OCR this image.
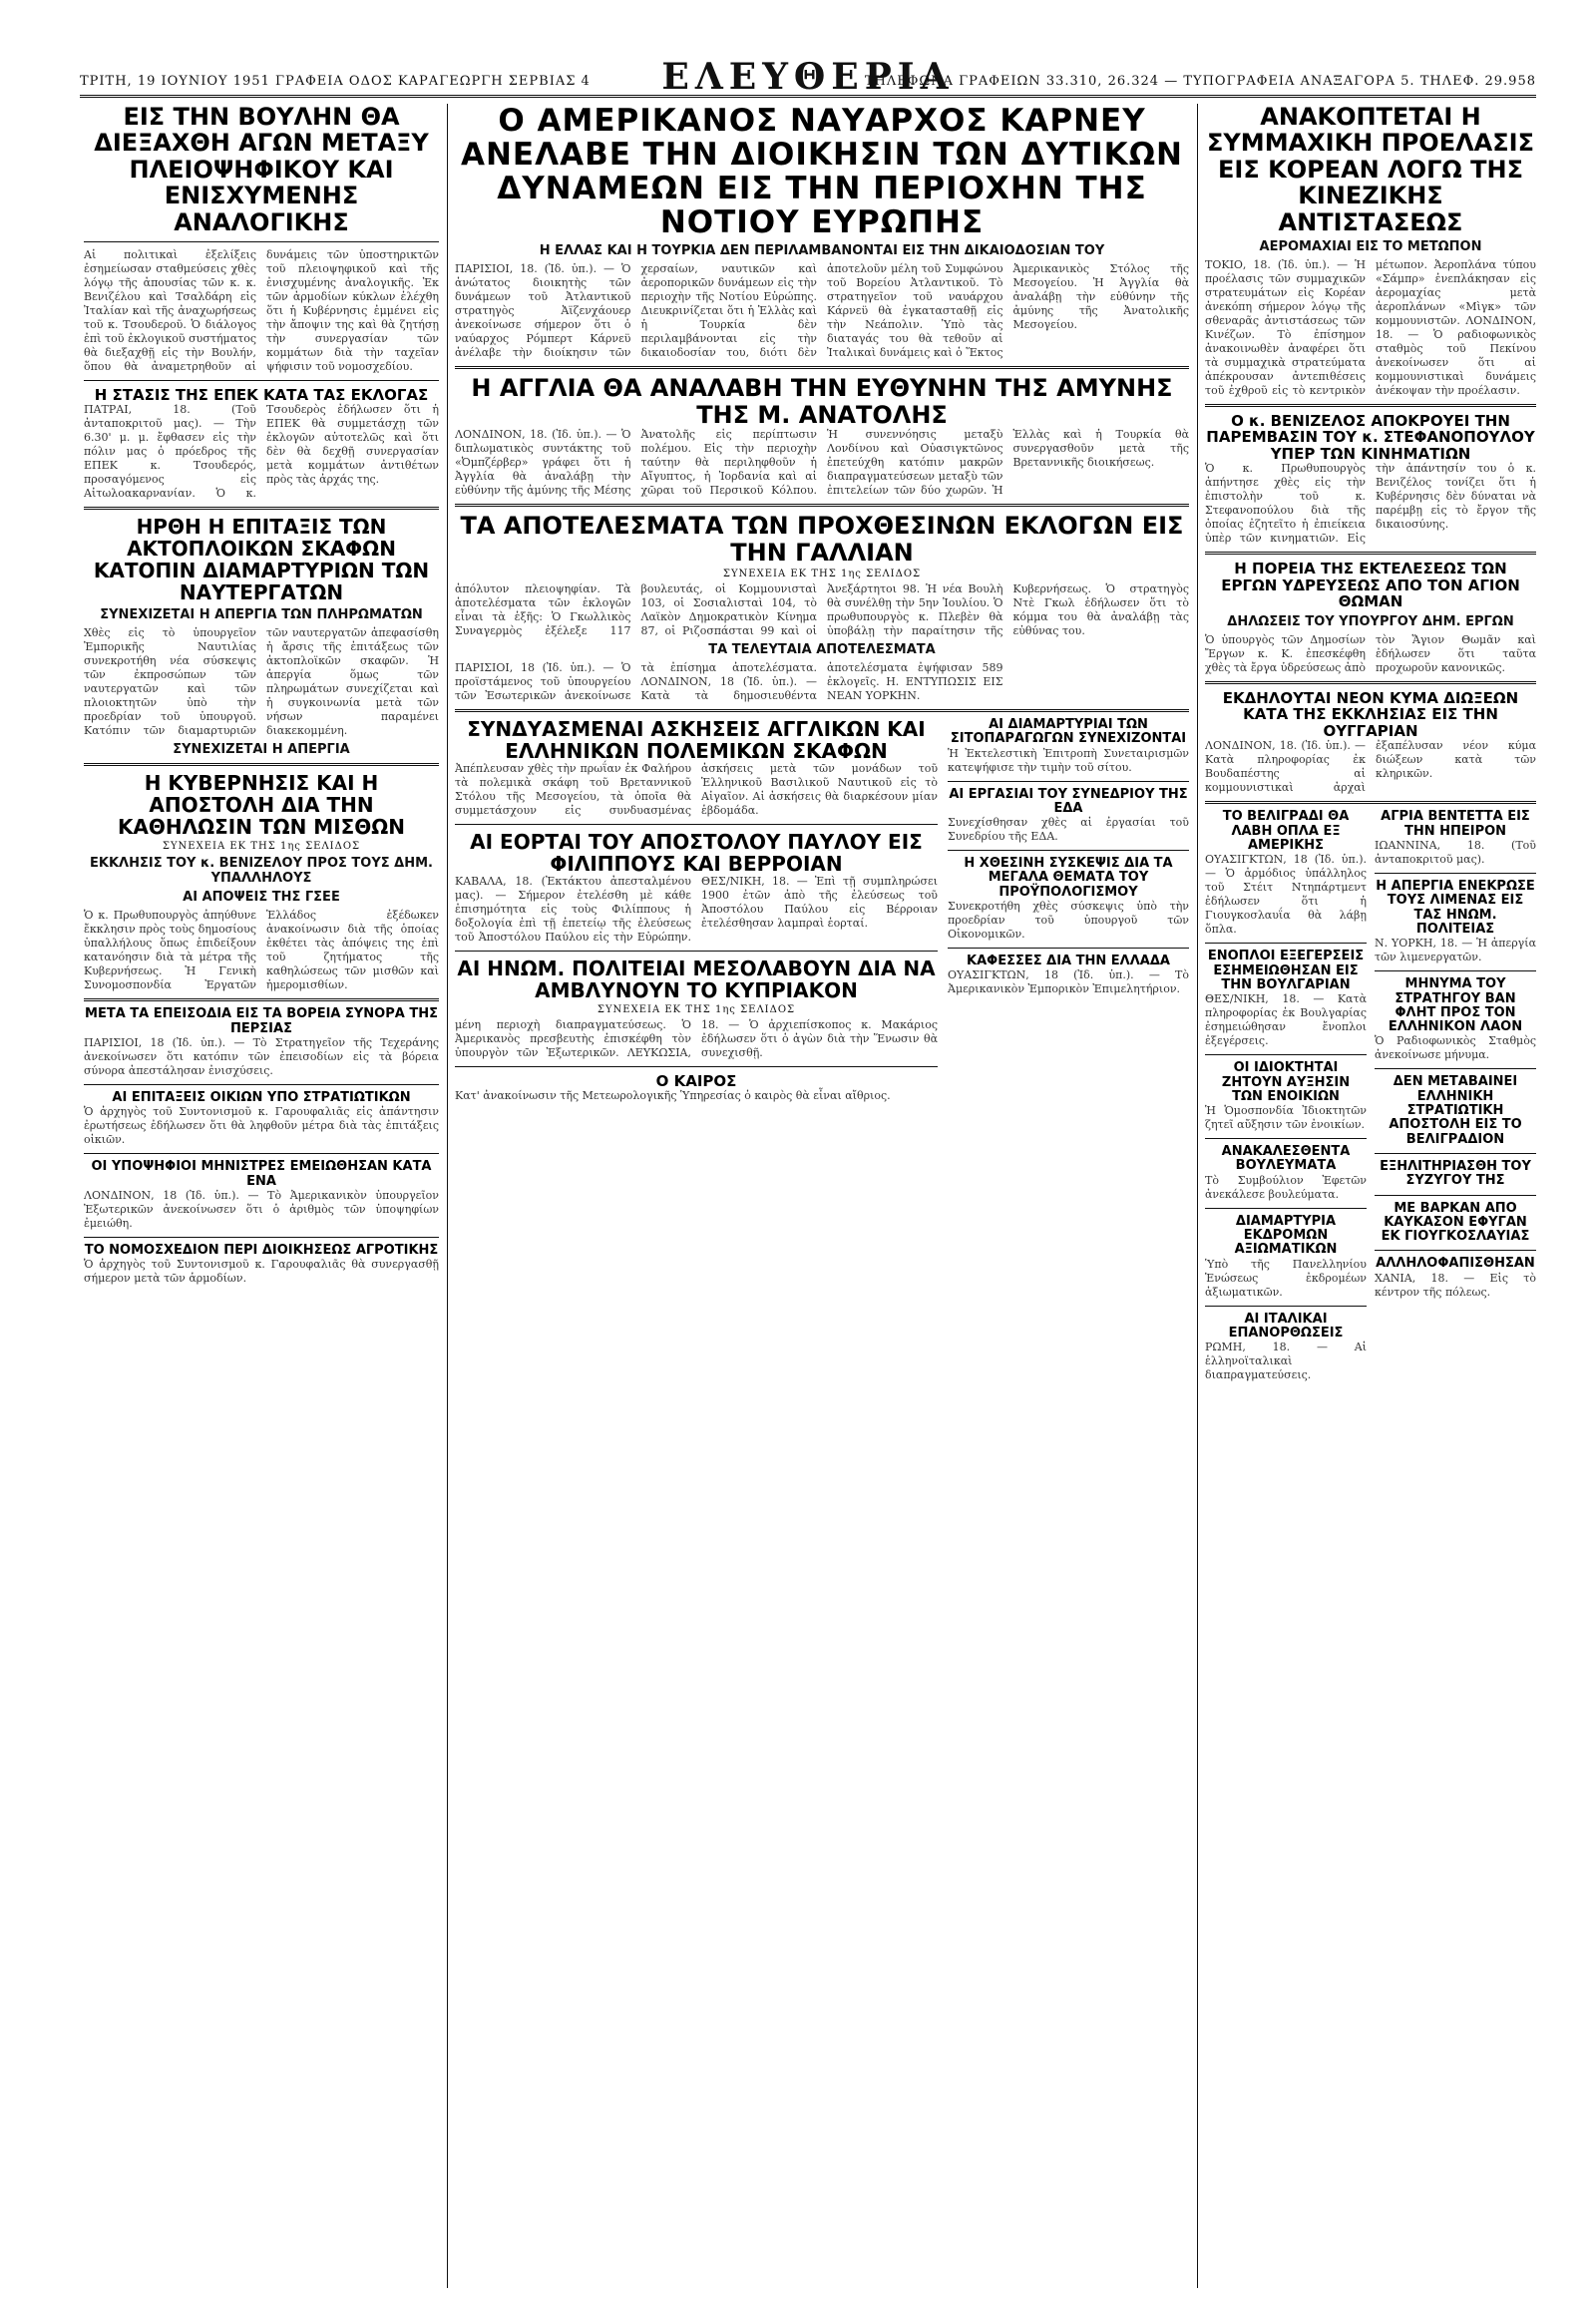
ΤΡΙΤΗ, 19 ΙΟΥΝΙΟΥ 1951 ΓΡΑΦΕΙΑ ΟΔΟΣ ΚΑΡΑΓΕΩΡΓΗ ΣΕΡΒΙΑΣ 4	ΕΛΕΥΘΕΡΙΑ
ΤΗΛΕΦΩΝΑ ΓΡΑΦΕΙΩΝ 33.310, 26.324 — ΤΥΠΟΓΡΑΦΕΙΑ ΑΝΑΞΑΓΟΡΑ 5. ΤΗΛΕΦ. 29.958
ΕΙΣ ΤΗΝ ΒΟΥΛΗΝ ΘΑ ΔΙΕΞΑΧΘΗ ΑΓΩΝ ΜΕΤΑΞΥ ΠΛΕΙΟΨΗΦΙΚΟΥ ΚΑΙ ΕΝΙΣΧΥΜΕΝΗΣ ΑΝΑΛΟΓΙΚΗΣ
Αἱ πολιτικαὶ ἐξελίξεις ἐσημείωσαν σταθμεύσεις χθὲς λόγῳ τῆς ἀπουσίας τῶν κ. κ. Βενιζέλου καὶ Τσαλδάρη εἰς Ἰταλίαν καὶ τῆς ἀναχωρήσεως τοῦ κ. Τσουδεροῦ. Ὁ διάλογος ἐπὶ τοῦ ἐκλογικοῦ συστήματος θὰ διεξαχθῇ εἰς τὴν Βουλήν, ὅπου θὰ ἀναμετρηθοῦν αἱ δυνάμεις τῶν ὑποστηρικτῶν τοῦ πλειοψηφικοῦ καὶ τῆς ἐνισχυμένης ἀναλογικῆς. Ἐκ τῶν ἀρμοδίων κύκλων ἐλέχθη ὅτι ἡ Κυβέρνησις ἐμμένει εἰς τὴν ἄποψιν της καὶ θὰ ζητήσῃ τὴν συνεργασίαν τῶν κομμάτων διὰ τὴν ταχεῖαν ψήφισιν τοῦ νομοσχεδίου.
Η ΣΤΑΣΙΣ ΤΗΣ ΕΠΕΚ ΚΑΤΑ ΤΑΣ ΕΚΛΟΓΑΣ
ΠΑΤΡΑΙ, 18. (Τοῦ ἀνταποκριτοῦ μας). — Τὴν 6.30' μ. μ. ἔφθασεν εἰς τὴν πόλιν μας ὁ πρόεδρος τῆς ΕΠΕΚ κ. Τσουδερός, προσαγόμενος εἰς Αἰτωλοακαρνανίαν. Ὁ κ. Τσουδερὸς ἐδήλωσεν ὅτι ἡ ΕΠΕΚ θὰ συμμετάσχῃ τῶν ἐκλογῶν αὐτοτελῶς καὶ ὅτι δὲν θὰ δεχθῇ συνεργασίαν μετὰ κομμάτων ἀντιθέτων πρὸς τὰς ἀρχάς της.
ΗΡΘΗ Η ΕΠΙΤΑΞΙΣ ΤΩΝ ΑΚΤΟΠΛΟΙΚΩΝ ΣΚΑΦΩΝ ΚΑΤΟΠΙΝ ΔΙΑΜΑΡΤΥΡΙΩΝ ΤΩΝ ΝΑΥΤΕΡΓΑΤΩΝ
ΣΥΝΕΧΙΖΕΤΑΙ Η ΑΠΕΡΓΙΑ ΤΩΝ ΠΛΗΡΩΜΑΤΩΝ
Χθὲς εἰς τὸ ὑπουργεῖον Ἐμπορικῆς Ναυτιλίας συνεκροτήθη νέα σύσκεψις τῶν ἐκπροσώπων τῶν ναυτεργατῶν καὶ τῶν πλοιοκτητῶν ὑπὸ τὴν προεδρίαν τοῦ ὑπουργοῦ. Κατόπιν τῶν διαμαρτυριῶν τῶν ναυτεργατῶν ἀπεφασίσθη ἡ ἄρσις τῆς ἐπιτάξεως τῶν ἀκτοπλοϊκῶν σκαφῶν. Ἡ ἀπεργία ὅμως τῶν πληρωμάτων συνεχίζεται καὶ ἡ συγκοινωνία μετὰ τῶν νήσων παραμένει διακεκομμένη.
ΣΥΝΕΧΙΖΕΤΑΙ Η ΑΠΕΡΓΙΑ
Η ΚΥΒΕΡΝΗΣΙΣ ΚΑΙ Η ΑΠΟΣΤΟΛΗ ΔΙΑ ΤΗΝ ΚΑΘΗΛΩΣΙΝ ΤΩΝ ΜΙΣΘΩΝ
ΣΥΝΕΧΕΙΑ ΕΚ ΤΗΣ 1ης ΣΕΛΙΔΟΣ
ΕΚΚΛΗΣΙΣ ΤΟΥ κ. ΒΕΝΙΖΕΛΟΥ ΠΡΟΣ ΤΟΥΣ ΔΗΜ. ΥΠΑΛΛΗΛΟΥΣ
ΑΙ ΑΠΟΨΕΙΣ ΤΗΣ ΓΣΕΕ
Ὁ κ. Πρωθυπουργὸς ἀπηύθυνε ἔκκλησιν πρὸς τοὺς δημοσίους ὑπαλλήλους ὅπως ἐπιδείξουν κατανόησιν διὰ τὰ μέτρα τῆς Κυβερνήσεως. Ἡ Γενικὴ Συνομοσπονδία Ἐργατῶν Ἑλλάδος ἐξέδωκεν ἀνακοίνωσιν διὰ τῆς ὁποίας ἐκθέτει τὰς ἀπόψεις της ἐπὶ τοῦ ζητήματος τῆς καθηλώσεως τῶν μισθῶν καὶ ἡμερομισθίων.
ΜΕΤΑ ΤΑ ΕΠΕΙΣΟΔΙΑ ΕΙΣ ΤΑ ΒΟΡΕΙΑ ΣΥΝΟΡΑ ΤΗΣ ΠΕΡΣΙΑΣ
ΠΑΡΙΣΙΟΙ, 18 (Ἰδ. ὑπ.). — Τὸ Στρατηγεῖον τῆς Τεχεράνης ἀνεκοίνωσεν ὅτι κατόπιν τῶν ἐπεισοδίων εἰς τὰ βόρεια σύνορα ἀπεστάλησαν ἐνισχύσεις.
ΑΙ ΕΠΙΤΑΞΕΙΣ ΟΙΚΙΩΝ ΥΠΟ ΣΤΡΑΤΙΩΤΙΚΩΝ
Ὁ ἀρχηγὸς τοῦ Συντονισμοῦ κ. Γαρουφαλιᾶς εἰς ἀπάντησιν ἐρωτήσεως ἐδήλωσεν ὅτι θὰ ληφθοῦν μέτρα διὰ τὰς ἐπιτάξεις οἰκιῶν.
ΟΙ ΥΠΟΨΗΦΙΟΙ ΜΗΝΙΣΤΡΕΣ ΕΜΕΙΩΘΗΣΑΝ ΚΑΤΑ ΕΝΑ
ΛΟΝΔΙΝΟΝ, 18 (Ἰδ. ὑπ.). — Τὸ Ἀμερικανικὸν ὑπουργεῖον Ἐξωτερικῶν ἀνεκοίνωσεν ὅτι ὁ ἀριθμὸς τῶν ὑποψηφίων ἐμειώθη.
ΤΟ ΝΟΜΟΣΧΕΔΙΟΝ ΠΕΡΙ ΔΙΟΙΚΗΣΕΩΣ ΑΓΡΟΤΙΚΗΣ
Ὁ ἀρχηγὸς τοῦ Συντονισμοῦ κ. Γαρουφαλιᾶς θὰ συνεργασθῇ σήμερον μετὰ τῶν ἁρμοδίων.
Ο ΑΜΕΡΙΚΑΝΟΣ ΝΑΥΑΡΧΟΣ ΚΑΡΝΕΥ ΑΝΕΛΑΒΕ ΤΗΝ ΔΙΟΙΚΗΣΙΝ ΤΩΝ ΔΥΤΙΚΩΝ ΔΥΝΑΜΕΩΝ ΕΙΣ ΤΗΝ ΠΕΡΙΟΧΗΝ ΤΗΣ ΝΟΤΙΟΥ ΕΥΡΩΠΗΣ
Η ΕΛΛΑΣ ΚΑΙ Η ΤΟΥΡΚΙΑ ΔΕΝ ΠΕΡΙΛΑΜΒΑΝΟΝΤΑΙ ΕΙΣ ΤΗΝ ΔΙΚΑΙΟΔΟΣΙΑΝ ΤΟΥ
ΠΑΡΙΣΙΟΙ, 18. (Ἰδ. ὑπ.). — Ὁ ἀνώτατος διοικητὴς τῶν δυνάμεων τοῦ Ἀτλαντικοῦ στρατηγὸς Ἀϊζενχάουερ ἀνεκοίνωσε σήμερον ὅτι ὁ ναύαρχος Ρόμπερτ Κάρνεϋ ἀνέλαβε τὴν διοίκησιν τῶν χερσαίων, ναυτικῶν καὶ ἀεροπορικῶν δυνάμεων εἰς τὴν περιοχὴν τῆς Νοτίου Εὐρώπης. Διευκρινίζεται ὅτι ἡ Ἑλλὰς καὶ ἡ Τουρκία δὲν περιλαμβάνονται εἰς τὴν δικαιοδοσίαν του, διότι δὲν ἀποτελοῦν μέλη τοῦ Συμφώνου τοῦ Βορείου Ἀτλαντικοῦ. Τὸ στρατηγεῖον τοῦ ναυάρχου Κάρνεϋ θὰ ἐγκατασταθῇ εἰς τὴν Νεάπολιν. Ὑπὸ τὰς διαταγάς του θὰ τεθοῦν αἱ Ἰταλικαὶ δυνάμεις καὶ ὁ Ἕκτος Ἀμερικανικὸς Στόλος τῆς Μεσογείου. Ἡ Ἀγγλία θὰ ἀναλάβῃ τὴν εὐθύνην τῆς ἀμύνης τῆς Ἀνατολικῆς Μεσογείου.
Η ΑΓΓΛΙΑ ΘΑ ΑΝΑΛΑΒΗ ΤΗΝ ΕΥΘΥΝΗΝ ΤΗΣ ΑΜΥΝΗΣ ΤΗΣ Μ. ΑΝΑΤΟΛΗΣ
ΛΟΝΔΙΝΟΝ, 18. (Ἰδ. ὑπ.). — Ὁ διπλωματικὸς συντάκτης τοῦ «Ὀμπζέρβερ» γράφει ὅτι ἡ Ἀγγλία θὰ ἀναλάβῃ τὴν εὐθύνην τῆς ἀμύνης τῆς Μέσης Ἀνατολῆς εἰς περίπτωσιν πολέμου. Εἰς τὴν περιοχὴν ταύτην θὰ περιληφθοῦν ἡ Αἴγυπτος, ἡ Ἰορδανία καὶ αἱ χῶραι τοῦ Περσικοῦ Κόλπου. Ἡ συνεννόησις μεταξὺ Λονδίνου καὶ Οὐασιγκτῶνος ἐπετεύχθη κατόπιν μακρῶν διαπραγματεύσεων μεταξὺ τῶν ἐπιτελείων τῶν δύο χωρῶν. Ἡ Ἑλλὰς καὶ ἡ Τουρκία θὰ συνεργασθοῦν μετὰ τῆς Βρεταννικῆς διοικήσεως.
ΤΑ ΑΠΟΤΕΛΕΣΜΑΤΑ ΤΩΝ ΠΡΟΧΘΕΣΙΝΩΝ ΕΚΛΟΓΩΝ ΕΙΣ ΤΗΝ ΓΑΛΛΙΑΝ
ΣΥΝΕΧΕΙΑ ΕΚ ΤΗΣ 1ης ΣΕΛΙΔΟΣ
ἀπόλυτον πλειοψηφίαν. Τὰ ἀποτελέσματα τῶν ἐκλογῶν εἶναι τὰ ἑξῆς: Ὁ Γκωλλικὸς Συναγερμὸς ἐξέλεξε 117 βουλευτάς, οἱ Κομμουνισταὶ 103, οἱ Σοσιαλισταὶ 104, τὸ Λαϊκὸν Δημοκρατικὸν Κίνημα 87, οἱ Ριζοσπάσται 99 καὶ οἱ Ἀνεξάρτητοι 98. Ἡ νέα Βουλὴ θὰ συνέλθῃ τὴν 5ην Ἰουλίου. Ὁ πρωθυπουργὸς κ. Πλεβὲν θὰ ὑποβάλῃ τὴν παραίτησιν τῆς Κυβερνήσεως. Ὁ στρατηγὸς Ντὲ Γκωλ ἐδήλωσεν ὅτι τὸ κόμμα του θὰ ἀναλάβῃ τὰς εὐθύνας του.
ΤΑ ΤΕΛΕΥΤΑΙΑ ΑΠΟΤΕΛΕΣΜΑΤΑ
ΠΑΡΙΣΙΟΙ, 18 (Ἰδ. ὑπ.). — Ὁ προϊστάμενος τοῦ ὑπουργείου τῶν Ἐσωτερικῶν ἀνεκοίνωσε τὰ ἐπίσημα ἀποτελέσματα. ΛΟΝΔΙΝΟΝ, 18 (Ἰδ. ὑπ.). — Κατὰ τὰ δημοσιευθέντα ἀποτελέσματα ἐψήφισαν 589 ἐκλογεῖς. Η. ΕΝΤΥΠΩΣΙΣ ΕΙΣ ΝΕΑΝ ΥΟΡΚΗΝ.
ΣΥΝΔΥΑΣΜΕΝΑΙ ΑΣΚΗΣΕΙΣ ΑΓΓΛΙΚΩΝ ΚΑΙ ΕΛΛΗΝΙΚΩΝ ΠΟΛΕΜΙΚΩΝ ΣΚΑΦΩΝ
Ἀπέπλευσαν χθὲς τὴν πρωΐαν ἐκ Φαλήρου τὰ πολεμικὰ σκάφη τοῦ Βρεταννικοῦ Στόλου τῆς Μεσογείου, τὰ ὁποῖα θὰ συμμετάσχουν εἰς συνδυασμένας ἀσκήσεις μετὰ τῶν μονάδων τοῦ Ἑλληνικοῦ Βασιλικοῦ Ναυτικοῦ εἰς τὸ Αἰγαῖον. Αἱ ἀσκήσεις θὰ διαρκέσουν μίαν ἑβδομάδα.
ΑΙ ΕΟΡΤΑΙ ΤΟΥ ΑΠΟΣΤΟΛΟΥ ΠΑΥΛΟΥ ΕΙΣ ΦΙΛΙΠΠΟΥΣ ΚΑΙ ΒΕΡΡΟΙΑΝ
ΚΑΒΑΛΑ, 18. (Ἐκτάκτου ἀπεσταλμένου μας). — Σήμερον ἐτελέσθη μὲ κάθε ἐπισημότητα εἰς τοὺς Φιλίππους ἡ δοξολογία ἐπὶ τῇ ἐπετείῳ τῆς ἐλεύσεως τοῦ Ἀποστόλου Παύλου εἰς τὴν Εὐρώπην. ΘΕΣ/ΝΙΚΗ, 18. — Ἐπὶ τῇ συμπληρώσει 1900 ἐτῶν ἀπὸ τῆς ἐλεύσεως τοῦ Ἀποστόλου Παύλου εἰς Βέρροιαν ἐτελέσθησαν λαμπραὶ ἑορταί.
ΑΙ ΗΝΩΜ. ΠΟΛΙΤΕΙΑΙ ΜΕΣΟΛΑΒΟΥΝ ΔΙΑ ΝΑ ΑΜΒΛΥΝΟΥΝ ΤΟ ΚΥΠΡΙΑΚΟΝ
ΣΥΝΕΧΕΙΑ ΕΚ ΤΗΣ 1ης ΣΕΛΙΔΟΣ
μένη περιοχὴ διαπραγματεύσεως. Ὁ Ἀμερικανὸς πρεσβευτὴς ἐπισκέφθη τὸν ὑπουργὸν τῶν Ἐξωτερικῶν. ΛΕΥΚΩΣΙΑ, 18. — Ὁ ἀρχιεπίσκοπος κ. Μακάριος ἐδήλωσεν ὅτι ὁ ἀγὼν διὰ τὴν Ἕνωσιν θὰ συνεχισθῇ.
Ο ΚΑΙΡΟΣ
Κατ' ἀνακοίνωσιν τῆς Μετεωρολογικῆς Ὑπηρεσίας ὁ καιρὸς θὰ εἶναι αἴθριος.
ΑΙ ΔΙΑΜΑΡΤΥΡΙΑΙ ΤΩΝ ΣΙΤΟΠΑΡΑΓΩΓΩΝ ΣΥΝΕΧΙΖΟΝΤΑΙ
Ἡ Ἐκτελεστικὴ Ἐπιτροπὴ Συνεταιρισμῶν κατεψήφισε τὴν τιμὴν τοῦ σίτου.
ΑΙ ΕΡΓΑΣΙΑΙ ΤΟΥ ΣΥΝΕΔΡΙΟΥ ΤΗΣ ΕΔΑ
Συνεχίσθησαν χθὲς αἱ ἐργασίαι τοῦ Συνεδρίου τῆς ΕΔΑ.
Η ΧΘΕΣΙΝΗ ΣΥΣΚΕΨΙΣ ΔΙΑ ΤΑ ΜΕΓΑΛΑ ΘΕΜΑΤΑ ΤΟΥ ΠΡΟΫΠΟΛΟΓΙΣΜΟΥ
Συνεκροτήθη χθὲς σύσκεψις ὑπὸ τὴν προεδρίαν τοῦ ὑπουργοῦ τῶν Οἰκονομικῶν.
ΚΑΦΕΣΣΕΣ ΔΙΑ ΤΗΝ ΕΛΛΑΔΑ
ΟΥΑΣΙΓΚΤΩΝ, 18 (Ἰδ. ὑπ.). — Τὸ Ἀμερικανικὸν Ἐμπορικὸν Ἐπιμελητήριον.
ΑΝΑΚΟΠΤΕΤΑΙ Η ΣΥΜΜΑΧΙΚΗ ΠΡΟΕΛΑΣΙΣ ΕΙΣ ΚΟΡΕΑΝ ΛΟΓΩ ΤΗΣ ΚΙΝΕΖΙΚΗΣ ΑΝΤΙΣΤΑΣΕΩΣ
ΑΕΡΟΜΑΧΙΑΙ ΕΙΣ ΤΟ ΜΕΤΩΠΟΝ
ΤΟΚΙΟ, 18. (Ἰδ. ὑπ.). — Ἡ προέλασις τῶν συμμαχικῶν στρατευμάτων εἰς Κορέαν ἀνεκόπη σήμερον λόγῳ τῆς σθεναρᾶς ἀντιστάσεως τῶν Κινέζων. Τὸ ἐπίσημον ἀνακοινωθὲν ἀναφέρει ὅτι τὰ συμμαχικὰ στρατεύματα ἀπέκρουσαν ἀντεπιθέσεις τοῦ ἐχθροῦ εἰς τὸ κεντρικὸν μέτωπον. Ἀεροπλάνα τύπου «Σάμπρ» ἐνεπλάκησαν εἰς ἀερομαχίας μετὰ ἀεροπλάνων «Μὶγκ» τῶν κομμουνιστῶν. ΛΟΝΔΙΝΟΝ, 18. — Ὁ ραδιοφωνικὸς σταθμὸς τοῦ Πεκίνου ἀνεκοίνωσεν ὅτι αἱ κομμουνιστικαὶ δυνάμεις ἀνέκοψαν τὴν προέλασιν.
Ο κ. ΒΕΝΙΖΕΛΟΣ ΑΠΟΚΡΟΥΕΙ ΤΗΝ ΠΑΡΕΜΒΑΣΙΝ ΤΟΥ κ. ΣΤΕΦΑΝΟΠΟΥΛΟΥ ΥΠΕΡ ΤΩΝ ΚΙΝΗΜΑΤΙΩΝ
Ὁ κ. Πρωθυπουργὸς ἀπήντησε χθὲς εἰς τὴν ἐπιστολὴν τοῦ κ. Στεφανοπούλου διὰ τῆς ὁποίας ἐζητεῖτο ἡ ἐπιείκεια ὑπὲρ τῶν κινηματιῶν. Εἰς τὴν ἀπάντησίν του ὁ κ. Βενιζέλος τονίζει ὅτι ἡ Κυβέρνησις δὲν δύναται νὰ παρέμβῃ εἰς τὸ ἔργον τῆς δικαιοσύνης.
Η ΠΟΡΕΙΑ ΤΗΣ ΕΚΤΕΛΕΣΕΩΣ ΤΩΝ ΕΡΓΩΝ ΥΔΡΕΥΣΕΩΣ ΑΠΟ ΤΟΝ ΑΓΙΟΝ ΘΩΜΑΝ
ΔΗΛΩΣΕΙΣ ΤΟΥ ΥΠΟΥΡΓΟΥ ΔΗΜ. ΕΡΓΩΝ
Ὁ ὑπουργὸς τῶν Δημοσίων Ἔργων κ. Κ. ἐπεσκέφθη χθὲς τὰ ἔργα ὑδρεύσεως ἀπὸ τὸν Ἅγιον Θωμᾶν καὶ ἐδήλωσεν ὅτι ταῦτα προχωροῦν κανονικῶς.
ΕΚΔΗΛΟΥΤΑΙ ΝΕΟΝ ΚΥΜΑ ΔΙΩΞΕΩΝ ΚΑΤΑ ΤΗΣ ΕΚΚΛΗΣΙΑΣ ΕΙΣ ΤΗΝ ΟΥΓΓΑΡΙΑΝ
ΛΟΝΔΙΝΟΝ, 18. (Ἰδ. ὑπ.). — Κατὰ πληροφορίας ἐκ Βουδαπέστης αἱ κομμουνιστικαὶ ἀρχαὶ ἐξαπέλυσαν νέον κύμα διώξεων κατὰ τῶν κληρικῶν.
ΤΟ ΒΕΛΙΓΡΑΔΙ ΘΑ ΛΑΒΗ ΟΠΛΑ ΕΞ ΑΜΕΡΙΚΗΣ
ΟΥΑΣΙΓΚΤΩΝ, 18 (Ἰδ. ὑπ.). — Ὁ ἀρμόδιος ὑπάλληλος τοῦ Στέιτ Ντηπάρτμεντ ἐδήλωσεν ὅτι ἡ Γιουγκοσλαυΐα θὰ λάβῃ ὅπλα.
ΕΝΟΠΛΟΙ ΕΞΕΓΕΡΣΕΙΣ ΕΣΗΜΕΙΩΘΗΣΑΝ ΕΙΣ ΤΗΝ ΒΟΥΛΓΑΡΙΑΝ
ΘΕΣ/ΝΙΚΗ, 18. — Κατὰ πληροφορίας ἐκ Βουλγαρίας ἐσημειώθησαν ἔνοπλοι ἐξεγέρσεις.
ΟΙ ΙΔΙΟΚΤΗΤΑΙ ΖΗΤΟΥΝ ΑΥΞΗΣΙΝ ΤΩΝ ΕΝΟΙΚΙΩΝ
Ἡ Ὁμοσπονδία Ἰδιοκτητῶν ζητεῖ αὔξησιν τῶν ἐνοικίων.
ΑΝΑΚΑΛΕΣΘΕΝΤΑ ΒΟΥΛΕΥΜΑΤΑ
Τὸ Συμβούλιον Ἐφετῶν ἀνεκάλεσε βουλεύματα.
ΔΙΑΜΑΡΤΥΡΙΑ ΕΚΔΡΟΜΩΝ ΑΞΙΩΜΑΤΙΚΩΝ
Ὑπὸ τῆς Πανελληνίου Ἑνώσεως ἐκδρομέων ἀξιωματικῶν.
ΑΙ ΙΤΑΛΙΚΑΙ ΕΠΑΝΟΡΘΩΣΕΙΣ
ΡΩΜΗ, 18. — Αἱ ἑλληνοϊταλικαὶ διαπραγματεύσεις.
ΑΓΡΙΑ ΒΕΝΤΕΤΤΑ ΕΙΣ ΤΗΝ ΗΠΕΙΡΟΝ
ΙΩΑΝΝΙΝΑ, 18. (Τοῦ ἀνταποκριτοῦ μας).
Η ΑΠΕΡΓΙΑ ΕΝΕΚΡΩΣΕ ΤΟΥΣ ΛΙΜΕΝΑΣ ΕΙΣ ΤΑΣ ΗΝΩΜ. ΠΟΛΙΤΕΙΑΣ
Ν. ΥΟΡΚΗ, 18. — Ἡ ἀπεργία τῶν λιμενεργατῶν.
ΜΗΝΥΜΑ ΤΟΥ ΣΤΡΑΤΗΓΟΥ ΒΑΝ ΦΛΗΤ ΠΡΟΣ ΤΟΝ ΕΛΛΗΝΙΚΟΝ ΛΑΟΝ
Ὁ Ραδιοφωνικὸς Σταθμὸς ἀνεκοίνωσε μήνυμα.
ΔΕΝ ΜΕΤΑΒΑΙΝΕΙ ΕΛΛΗΝΙΚΗ ΣΤΡΑΤΙΩΤΙΚΗ ΑΠΟΣΤΟΛΗ ΕΙΣ ΤΟ ΒΕΛΙΓΡΑΔΙΟΝ
ΕΞΗΛΙΤΗΡΙΑΣΘΗ ΤΟΥ ΣΥΖΥΓΟΥ ΤΗΣ
ΜΕ ΒΑΡΚΑΝ ΑΠΟ ΚΑΥΚΑΣΟΝ ΕΦΥΓΑΝ ΕΚ ΓΙΟΥΓΚΟΣΛΑΥΙΑΣ
ΑΛΛΗΛΟΦΑΠΙΣΘΗΣΑΝ
ΧΑΝΙΑ, 18. — Εἰς τὸ κέντρον τῆς πόλεως.
